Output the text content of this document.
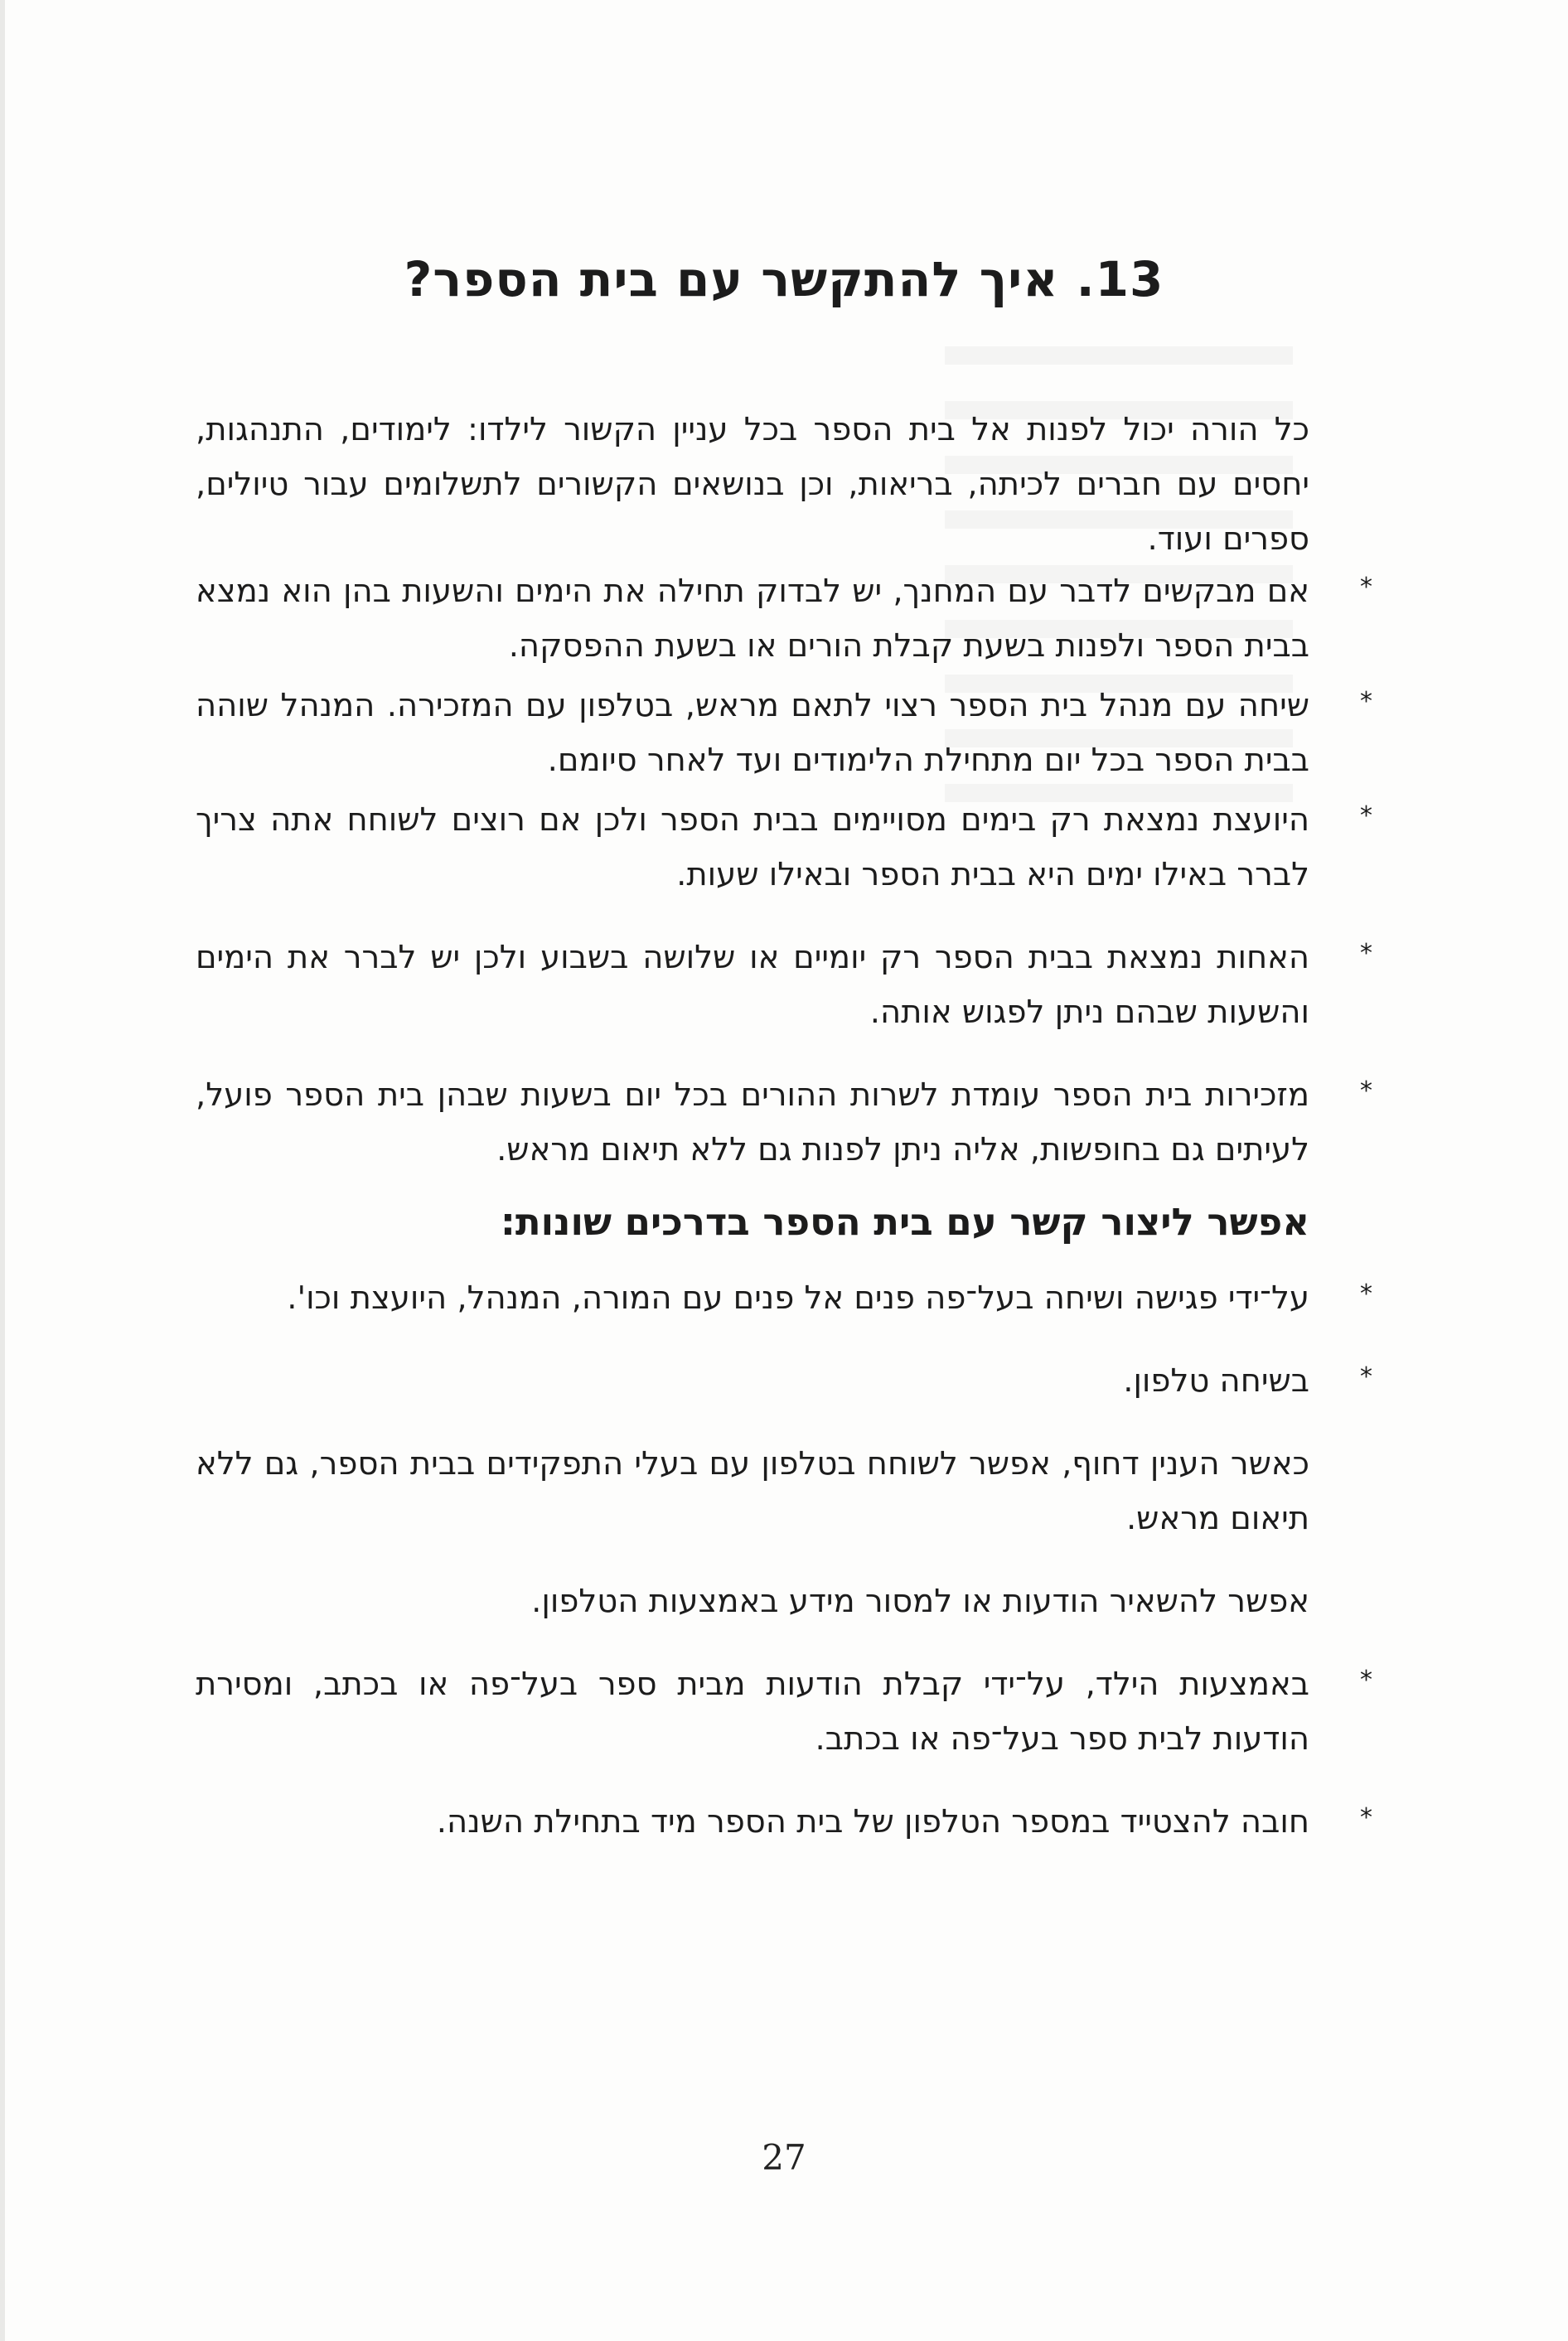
13. איך להתקשר עם בית הספר?
כל הורה יכול לפנות אל בית הספר בכל עניין הקשור לילדו: לימודים, התנהגות, יחסים עם חברים לכיתה, בריאות, וכן בנושאים הקשורים לתשלומים עבור טיולים, ספרים ועוד.
*
אם מבקשים לדבר עם המחנך, יש לבדוק תחילה את הימים והשעות בהן הוא נמצא בבית הספר ולפנות בשעת קבלת הורים או בשעת ההפסקה.
*
שיחה עם מנהל בית הספר רצוי לתאם מראש, בטלפון עם המזכירה. המנהל שוהה בבית הספר בכל יום מתחילת הלימודים ועד לאחר סיומם.
*
היועצת נמצאת רק בימים מסויימים בבית הספר ולכן אם רוצים לשוחח אתה צריך לברר באילו ימים היא בבית הספר ובאילו שעות.
*
האחות נמצאת בבית הספר רק יומיים או שלושה בשבוע ולכן יש לברר את הימים והשעות שבהם ניתן לפגוש אותה.
*
מזכירות בית הספר עומדת לשרות ההורים בכל יום בשעות שבהן בית הספר פועל, לעיתים גם בחופשות, אליה ניתן לפנות גם ללא תיאום מראש.
אפשר ליצור קשר עם בית הספר בדרכים שונות:
*
על־ידי פגישה ושיחה בעל־פה פנים אל פנים עם המורה, המנהל, היועצת וכו'.
*
בשיחה טלפון.
כאשר הענין דחוף, אפשר לשוחח בטלפון עם בעלי התפקידים בבית הספר, גם ללא תיאום מראש.
אפשר להשאיר הודעות או למסור מידע באמצעות הטלפון.
*
באמצעות הילד, על־ידי קבלת הודעות מבית ספר בעל־פה או בכתב, ומסירת הודעות לבית ספר בעל־פה או בכתב.
*
חובה להצטייד במספר הטלפון של בית הספר מיד בתחילת השנה.
27
